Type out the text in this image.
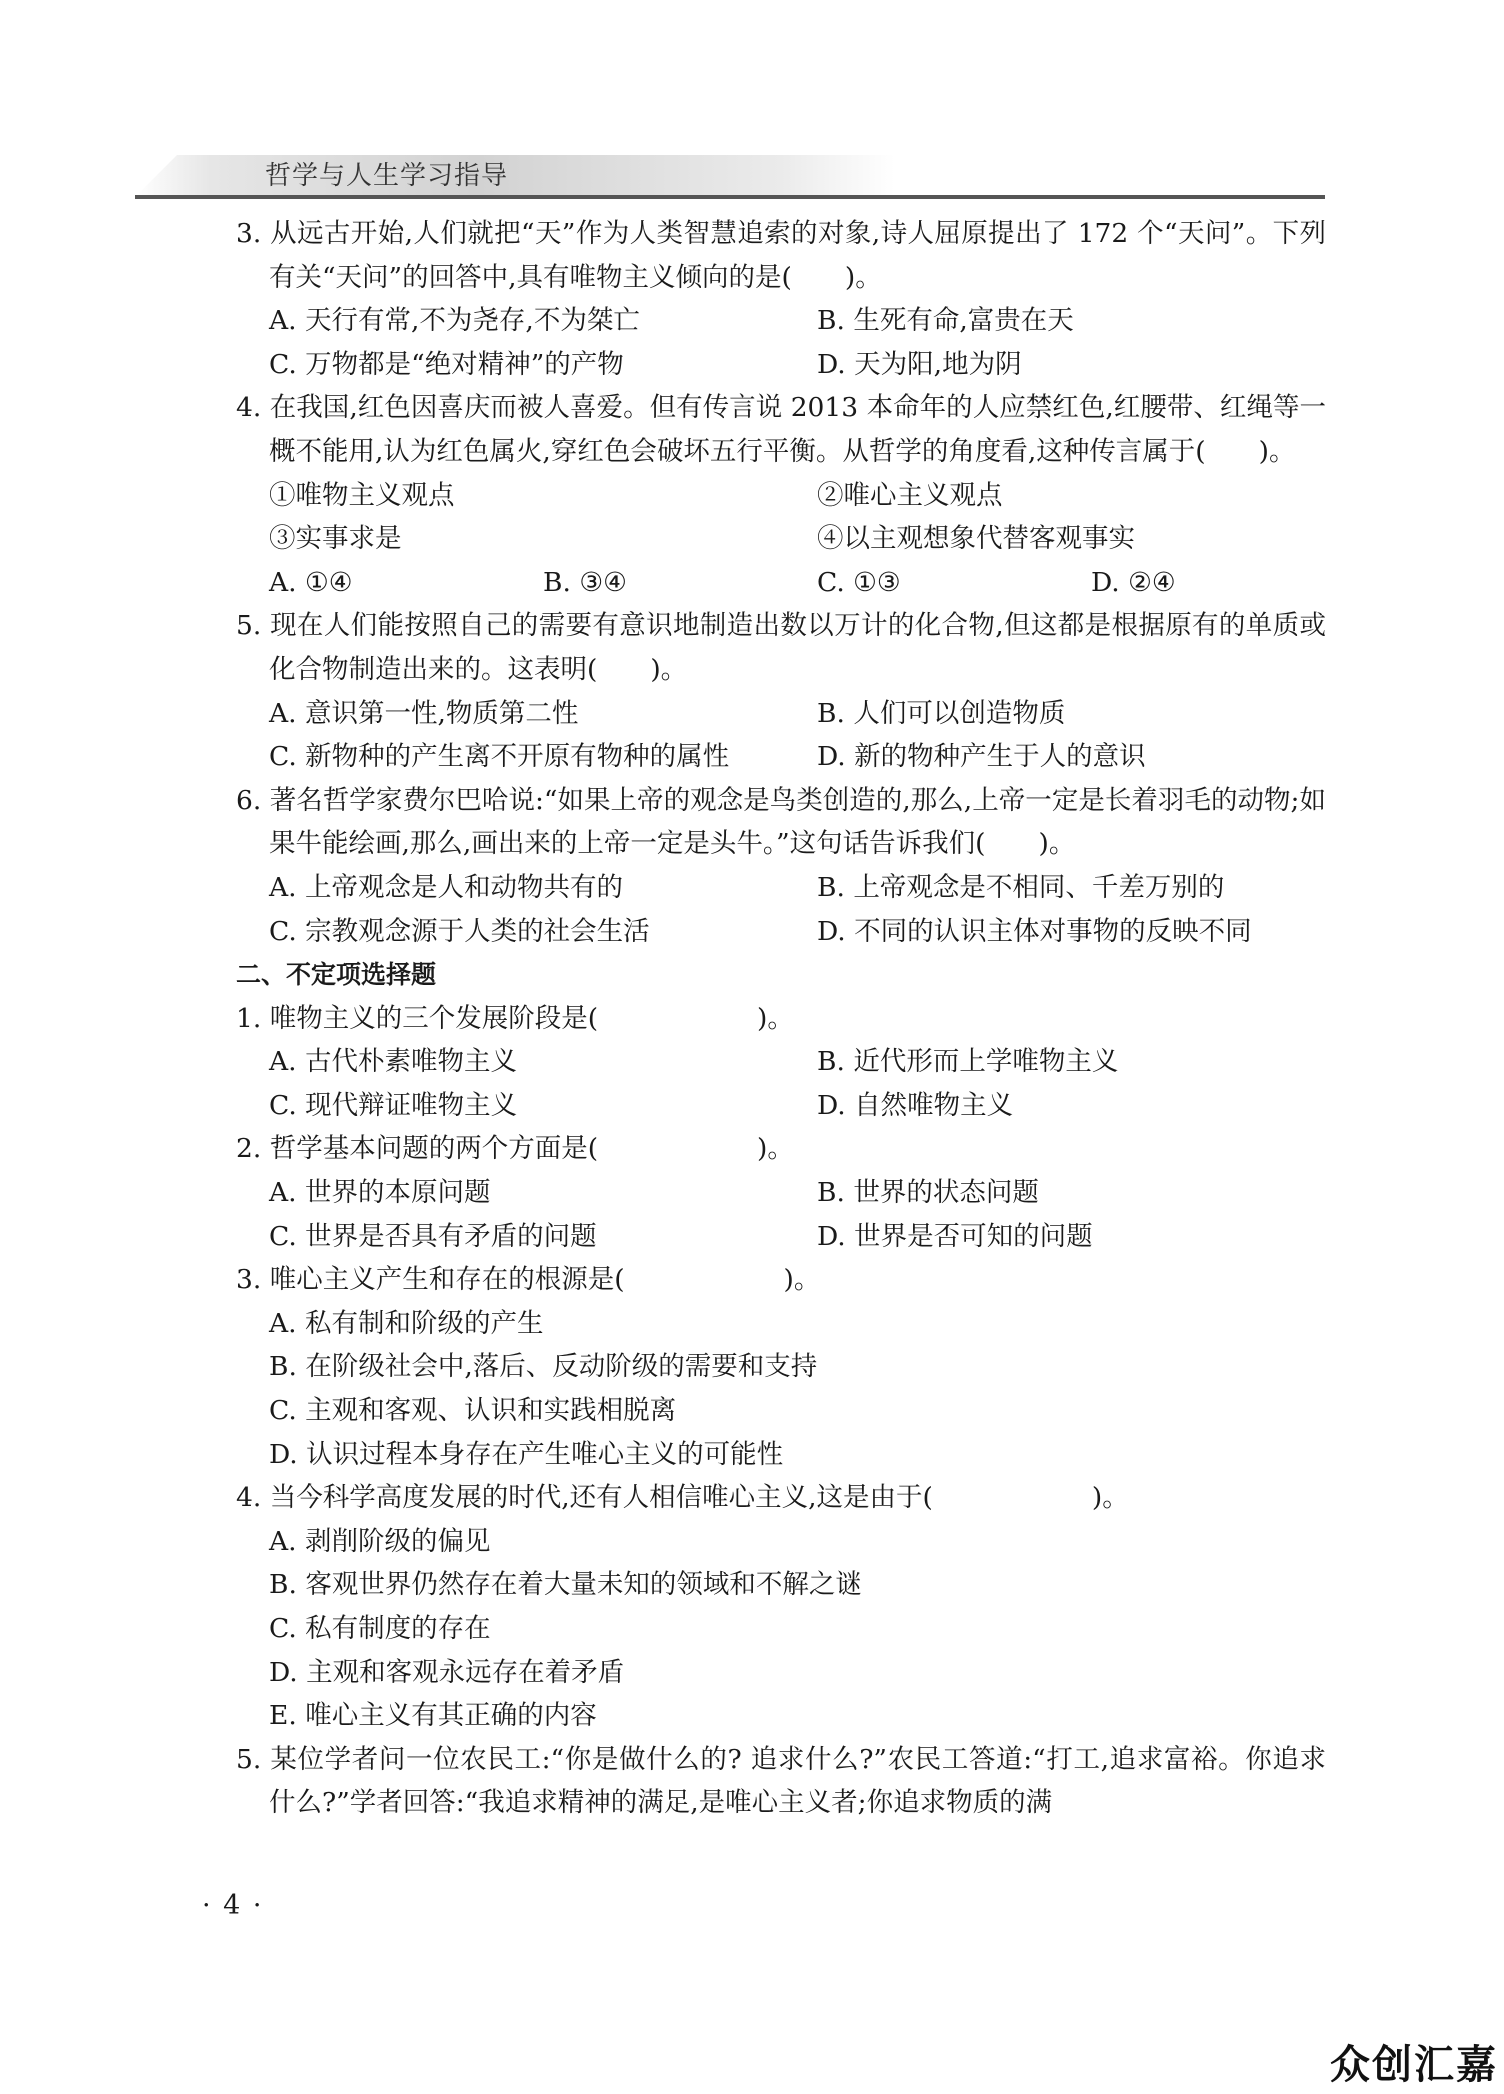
哲学与人生学习指导

3. 从远古开始,人们就把“天”作为人类智慧追索的对象,诗人屈原提出了 172 个“天问”。下列有关“天问”的回答中,具有唯物主义倾向的是(　　)。

A. 天行有常,不为尧存,不为桀亡	B. 生死有命,富贵在天
C. 万物都是“绝对精神”的产物	D. 天为阳,地为阴

4. 在我国,红色因喜庆而被人喜爱。但有传言说 2013 本命年的人应禁红色,红腰带、红绳等一概不能用,认为红色属火,穿红色会破坏五行平衡。从哲学的角度看,这种传言属于(　　)。

①唯物主义观点	②唯心主义观点
③实事求是	④以主观想象代替客观事实
A. ①④	B. ③④	C. ①③	D. ②④

5. 现在人们能按照自己的需要有意识地制造出数以万计的化合物,但这都是根据原有的单质或化合物制造出来的。这表明(　　)。

A. 意识第一性,物质第二性	B. 人们可以创造物质
C. 新物种的产生离不开原有物种的属性	D. 新的物种产生于人的意识

6. 著名哲学家费尔巴哈说:“如果上帝的观念是鸟类创造的,那么,上帝一定是长着羽毛的动物;如果牛能绘画,那么,画出来的上帝一定是头牛。”这句话告诉我们(　　)。

A. 上帝观念是人和动物共有的	B. 上帝观念是不相同、千差万别的
C. 宗教观念源于人类的社会生活	D. 不同的认识主体对事物的反映不同

二、不定项选择题

1. 唯物主义的三个发展阶段是(　　　　　　)。

A. 古代朴素唯物主义	B. 近代形而上学唯物主义
C. 现代辩证唯物主义	D. 自然唯物主义

2. 哲学基本问题的两个方面是(　　　　　　)。

A. 世界的本原问题	B. 世界的状态问题
C. 世界是否具有矛盾的问题	D. 世界是否可知的问题

3. 唯心主义产生和存在的根源是(　　　　　　)。

A. 私有制和阶级的产生
B. 在阶级社会中,落后、反动阶级的需要和支持
C. 主观和客观、认识和实践相脱离
D. 认识过程本身存在产生唯心主义的可能性

4. 当今科学高度发展的时代,还有人相信唯心主义,这是由于(　　　　　　)。

A. 剥削阶级的偏见
B. 客观世界仍然存在着大量未知的领域和不解之谜
C. 私有制度的存在
D. 主观和客观永远存在着矛盾
E. 唯心主义有其正确的内容

5. 某位学者问一位农民工:“你是做什么的? 追求什么?”农民工答道:“打工,追求富裕。你追求什么?”学者回答:“我追求精神的满足,是唯心主义者;你追求物质的满

· 4 ·
众创汇嘉
